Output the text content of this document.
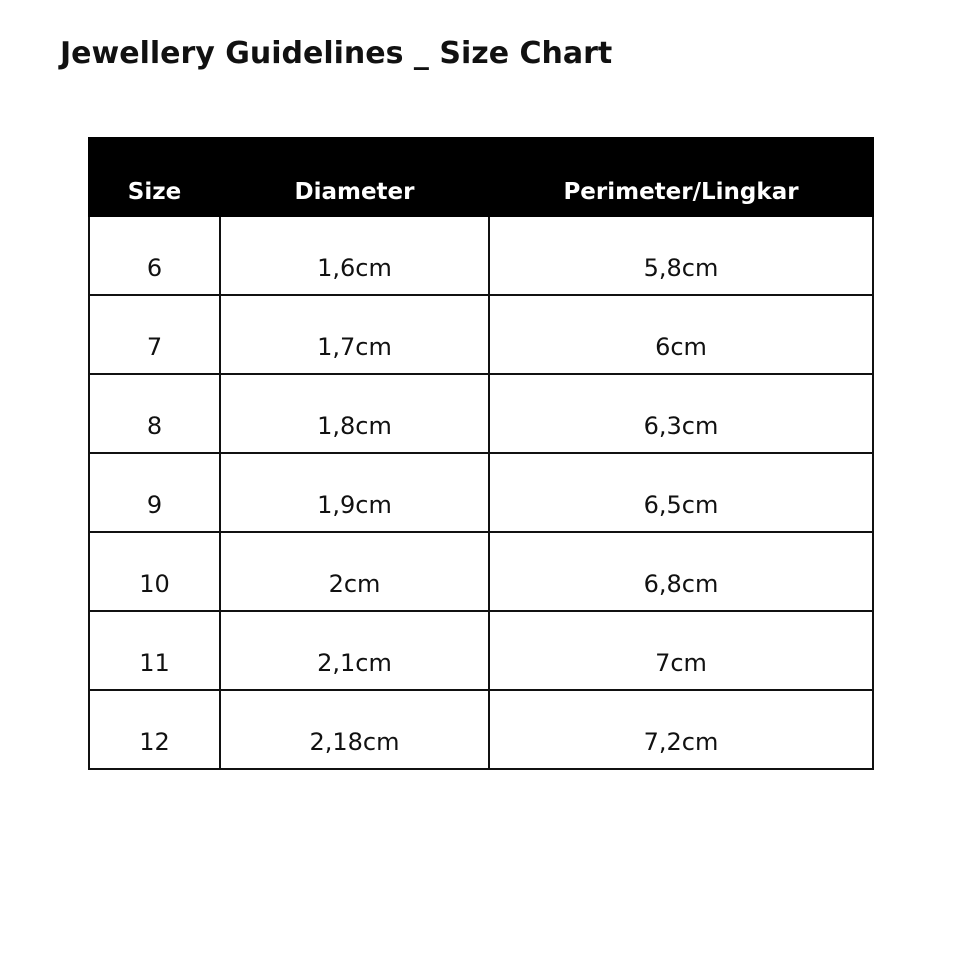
Jewellery Guidelines _ Size Chart
Size	Diameter	Perimeter/Lingkar
6	1,6cm	5,8cm
7	1,7cm	6cm
8	1,8cm	6,3cm
9	1,9cm	6,5cm
10	2cm	6,8cm
11	2,1cm	7cm
12	2,18cm	7,2cm
